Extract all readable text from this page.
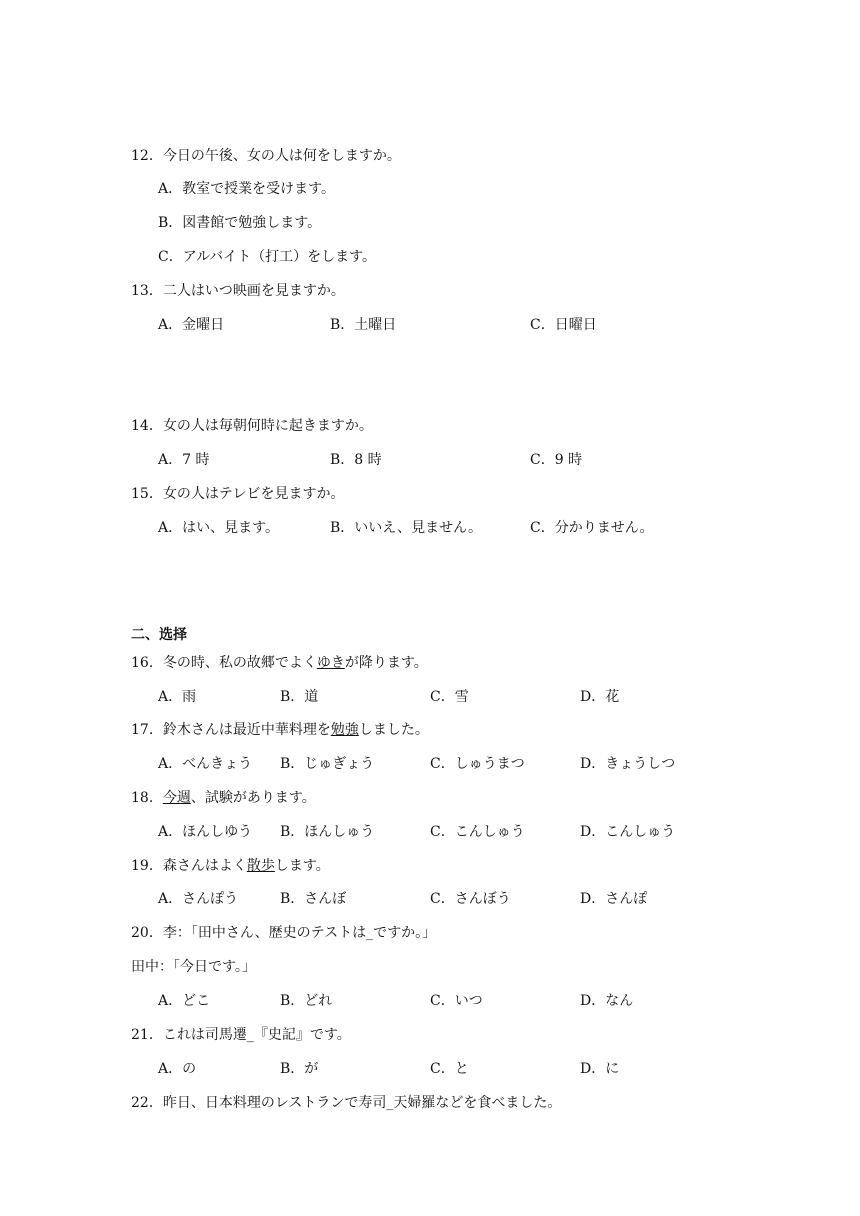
12．今日の午後、女の人は何をしますか。
A．教室で授業を受けます。
B．図書館で勉強します。
C．アルバイト（打工）をします。
13．二人はいつ映画を見ますか。
A．金曜日	B．土曜日	C．日曜日
14．女の人は毎朝何時に起きますか。
A．7 時	B．8 時	C．9 時
15．女の人はテレビを見ますか。
A．はい、見ます。	B．いいえ、見ません。	C．分かりません。
二、选择
16．冬の時、私の故郷でよくゆきが降ります。
A．雨	B．道	C．雪	D．花
17．鈴木さんは最近中華料理を勉強しました。
A．べんきょう B．じゅぎょう	C．しゅうまつ	D．きょうしつ
18．今週、試験があります。
A．ほんしゆう B．ほんしゅう	C．こんしゅう	D．こんしゅう
19．森さんはよく散歩します。
A．さんぽう	B．さんぼ	C．さんぼう	D．さんぽ
20．李：「田中さん、歴史のテストは_ですか。」
田中：「今日です。」
A．どこ	B．どれ	C．いつ	D．なん
21．これは司馬遷_『史記』です。
A．の	B．が	C．と	D．に
22．昨日、日本料理のレストランで寿司_天婦羅などを食べました。
